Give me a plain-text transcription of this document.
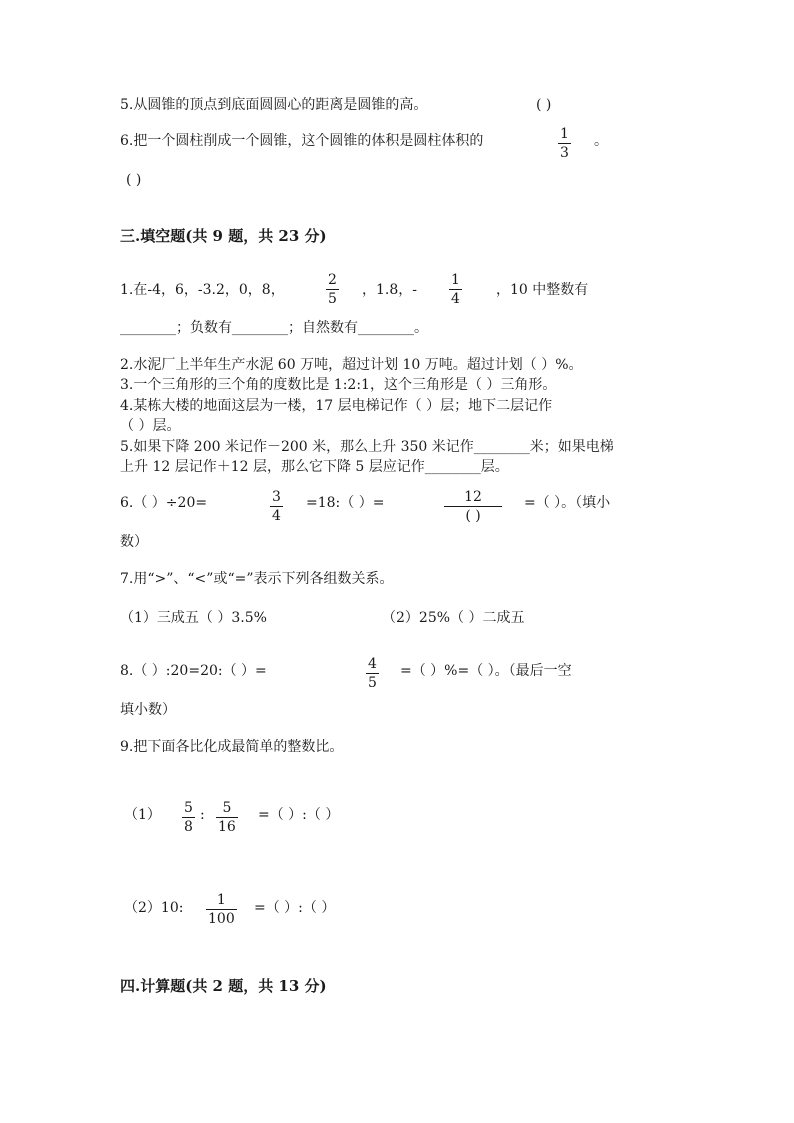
5.从圆锥的顶点到底面圆圆心的距离是圆锥的高。	( )
6.把一个圆柱削成一个圆锥，这个圆锥的体积是圆柱体积的	1
3
。
( )
三.填空题(共 9 题，共 23 分)
1.在-4，6，-3.2，0，8，
2
5
，1.8，-
1
4
，10 中整数有
________；负数有________；自然数有________。
2.水泥厂上半年生产水泥 60 万吨，超过计划 10 万吨。超过计划（ ）%。
3.一个三角形的三个角的度数比是 1:2:1，这个三角形是（ ）三角形。
4.某栋大楼的地面这层为一楼，17 层电梯记作（ ）层；地下二层记作
（ ）层。
5.如果下降 200 米记作－200 米，那么上升 350 米记作________米；如果电梯
上升 12 层记作＋12 层，那么它下降 5 层应记作________层。
6.（ ）÷20=	3
4
=18:（ ）=	12
( )
=（ ）。（填小
数）
7.用“>”、“<”或“=”表示下列各组数关系。
（1）三成五（ ）3.5%	（2）25%（ ）二成五
8.（ ）:20=20:（ ）=	4
5
=（ ）%=（ ）。（最后一空
填小数）
9.把下面各比化成最简单的整数比。
（1） 5
8
: 5
16
=（ ）:（ ）
（2）10: 1
100
=（ ）:（ ）
四.计算题(共 2 题，共 13 分)
